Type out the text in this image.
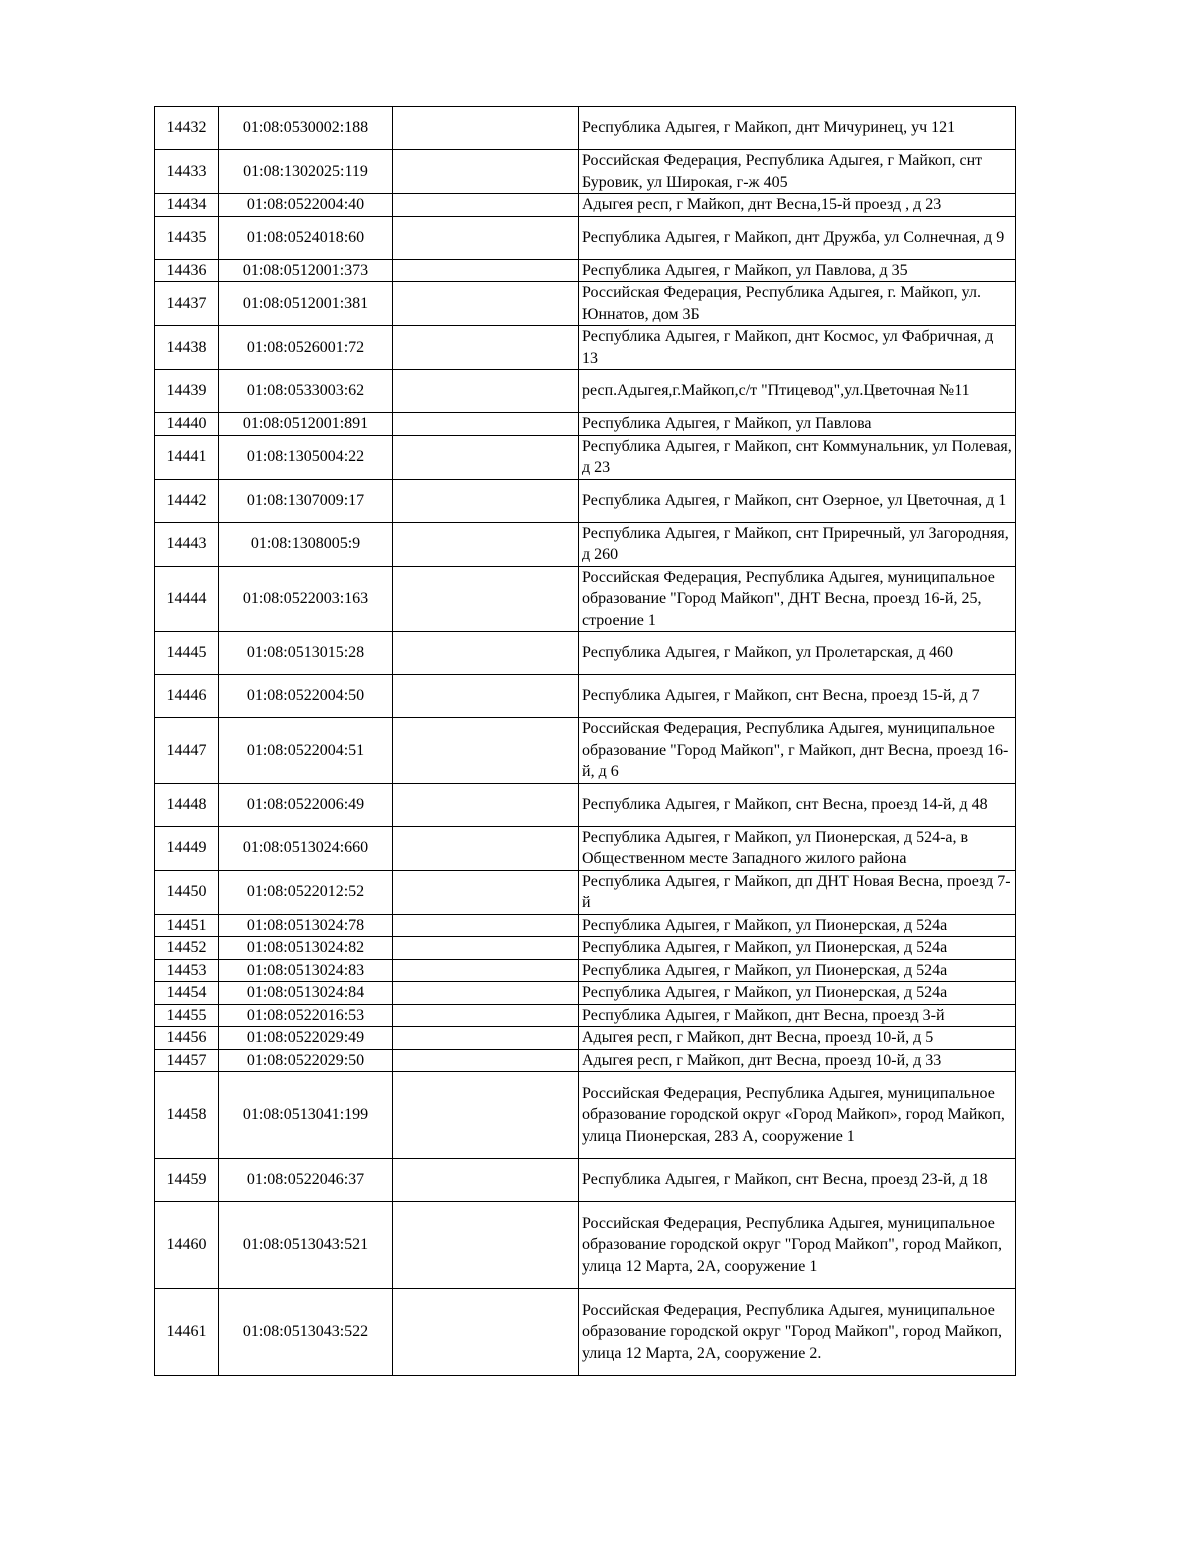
14432	01:08:0530002:188		Республика Адыгея, г Майкоп, днт Мичуринец, уч 121
14433	01:08:1302025:119		Российская Федерация, Республика Адыгея, г Майкоп, снт Буровик, ул Широкая, г-ж 405
14434	01:08:0522004:40		Адыгея респ, г Майкоп, днт Весна,15-й проезд , д 23
14435	01:08:0524018:60		Республика Адыгея, г Майкоп, днт Дружба, ул Солнечная, д 9
14436	01:08:0512001:373		Республика Адыгея, г Майкоп, ул Павлова, д 35
14437	01:08:0512001:381		Российская Федерация, Республика Адыгея, г. Майкоп, ул. Юннатов, дом 3Б
14438	01:08:0526001:72		Республика Адыгея, г Майкоп, днт Космос, ул Фабричная, д 13
14439	01:08:0533003:62		респ.Адыгея,г.Майкоп,с/т "Птицевод",ул.Цветочная №11
14440	01:08:0512001:891		Республика Адыгея, г Майкоп, ул Павлова
14441	01:08:1305004:22		Республика Адыгея, г Майкоп, снт Коммунальник, ул Полевая, д 23
14442	01:08:1307009:17		Республика Адыгея, г Майкоп, снт Озерное, ул Цветочная, д 1
14443	01:08:1308005:9		Республика Адыгея, г Майкоп, снт Приречный, ул Загородняя, д 260
14444	01:08:0522003:163		Российская Федерация, Республика Адыгея, муниципальное образование "Город Майкоп", ДНТ Весна, проезд 16-й, 25, строение 1
14445	01:08:0513015:28		Республика Адыгея, г Майкоп, ул Пролетарская, д 460
14446	01:08:0522004:50		Республика Адыгея, г Майкоп, снт Весна, проезд 15-й, д 7
14447	01:08:0522004:51		Российская Федерация, Республика Адыгея, муниципальное образование "Город Майкоп", г Майкоп, днт Весна, проезд 16-й, д 6
14448	01:08:0522006:49		Республика Адыгея, г Майкоп, снт Весна, проезд 14-й, д 48
14449	01:08:0513024:660		Республика Адыгея, г Майкоп, ул Пионерская, д 524-а, в Общественном месте Западного жилого района
14450	01:08:0522012:52		Республика Адыгея, г Майкоп, дп ДНТ Новая Весна, проезд 7-й
14451	01:08:0513024:78		Республика Адыгея, г Майкоп, ул Пионерская, д 524а
14452	01:08:0513024:82		Республика Адыгея, г Майкоп, ул Пионерская, д 524а
14453	01:08:0513024:83		Республика Адыгея, г Майкоп, ул Пионерская, д 524а
14454	01:08:0513024:84		Республика Адыгея, г Майкоп, ул Пионерская, д 524а
14455	01:08:0522016:53		Республика Адыгея, г Майкоп, днт Весна, проезд 3-й
14456	01:08:0522029:49		Адыгея респ, г Майкоп, днт Весна, проезд 10-й, д 5
14457	01:08:0522029:50		Адыгея респ, г Майкоп, днт Весна, проезд 10-й, д 33
14458	01:08:0513041:199		Российская Федерация, Республика Адыгея, муниципальное образование городской округ «Город Майкоп», город Майкоп, улица Пионерская, 283 А, сооружение 1
14459	01:08:0522046:37		Республика Адыгея, г Майкоп, снт Весна, проезд 23-й, д 18
14460	01:08:0513043:521		Российская Федерация, Республика Адыгея, муниципальное образование городской округ "Город Майкоп", город Майкоп, улица 12 Марта, 2А, сооружение 1
14461	01:08:0513043:522		Российская Федерация, Республика Адыгея, муниципальное образование городской округ "Город Майкоп", город Майкоп, улица 12 Марта, 2А, сооружение 2.
